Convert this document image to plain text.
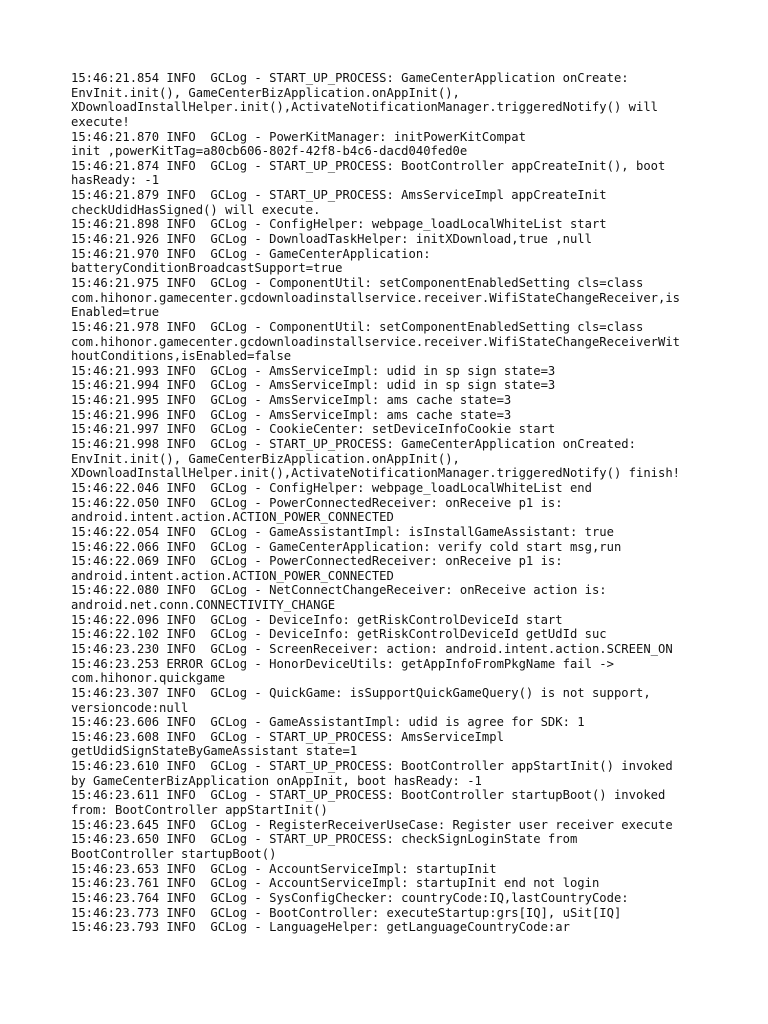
15:46:21.854 INFO  GCLog - START_UP_PROCESS: GameCenterApplication onCreate:
EnvInit.init(), GameCenterBizApplication.onAppInit(),
XDownloadInstallHelper.init(),ActivateNotificationManager.triggeredNotify() will
execute!
15:46:21.870 INFO  GCLog - PowerKitManager: initPowerKitCompat
init ,powerKitTag=a80cb606-802f-42f8-b4c6-dacd040fed0e
15:46:21.874 INFO  GCLog - START_UP_PROCESS: BootController appCreateInit(), boot
hasReady: -1
15:46:21.879 INFO  GCLog - START_UP_PROCESS: AmsServiceImpl appCreateInit
checkUdidHasSigned() will execute.
15:46:21.898 INFO  GCLog - ConfigHelper: webpage_loadLocalWhiteList start
15:46:21.926 INFO  GCLog - DownloadTaskHelper: initXDownload,true ,null
15:46:21.970 INFO  GCLog - GameCenterApplication:
batteryConditionBroadcastSupport=true
15:46:21.975 INFO  GCLog - ComponentUtil: setComponentEnabledSetting cls=class
com.hihonor.gamecenter.gcdownloadinstallservice.receiver.WifiStateChangeReceiver,is
Enabled=true
15:46:21.978 INFO  GCLog - ComponentUtil: setComponentEnabledSetting cls=class
com.hihonor.gamecenter.gcdownloadinstallservice.receiver.WifiStateChangeReceiverWit
houtConditions,isEnabled=false
15:46:21.993 INFO  GCLog - AmsServiceImpl: udid in sp sign state=3
15:46:21.994 INFO  GCLog - AmsServiceImpl: udid in sp sign state=3
15:46:21.995 INFO  GCLog - AmsServiceImpl: ams cache state=3
15:46:21.996 INFO  GCLog - AmsServiceImpl: ams cache state=3
15:46:21.997 INFO  GCLog - CookieCenter: setDeviceInfoCookie start
15:46:21.998 INFO  GCLog - START_UP_PROCESS: GameCenterApplication onCreated:
EnvInit.init(), GameCenterBizApplication.onAppInit(),
XDownloadInstallHelper.init(),ActivateNotificationManager.triggeredNotify() finish!
15:46:22.046 INFO  GCLog - ConfigHelper: webpage_loadLocalWhiteList end
15:46:22.050 INFO  GCLog - PowerConnectedReceiver: onReceive p1 is:
android.intent.action.ACTION_POWER_CONNECTED
15:46:22.054 INFO  GCLog - GameAssistantImpl: isInstallGameAssistant: true
15:46:22.066 INFO  GCLog - GameCenterApplication: verify cold start msg,run
15:46:22.069 INFO  GCLog - PowerConnectedReceiver: onReceive p1 is:
android.intent.action.ACTION_POWER_CONNECTED
15:46:22.080 INFO  GCLog - NetConnectChangeReceiver: onReceive action is:
android.net.conn.CONNECTIVITY_CHANGE
15:46:22.096 INFO  GCLog - DeviceInfo: getRiskControlDeviceId start
15:46:22.102 INFO  GCLog - DeviceInfo: getRiskControlDeviceId getUdId suc
15:46:23.230 INFO  GCLog - ScreenReceiver: action: android.intent.action.SCREEN_ON
15:46:23.253 ERROR GCLog - HonorDeviceUtils: getAppInfoFromPkgName fail ->
com.hihonor.quickgame
15:46:23.307 INFO  GCLog - QuickGame: isSupportQuickGameQuery() is not support,
versioncode:null
15:46:23.606 INFO  GCLog - GameAssistantImpl: udid is agree for SDK: 1
15:46:23.608 INFO  GCLog - START_UP_PROCESS: AmsServiceImpl
getUdidSignStateByGameAssistant state=1
15:46:23.610 INFO  GCLog - START_UP_PROCESS: BootController appStartInit() invoked
by GameCenterBizApplication onAppInit, boot hasReady: -1
15:46:23.611 INFO  GCLog - START_UP_PROCESS: BootController startupBoot() invoked
from: BootController appStartInit()
15:46:23.645 INFO  GCLog - RegisterReceiverUseCase: Register user receiver execute
15:46:23.650 INFO  GCLog - START_UP_PROCESS: checkSignLoginState from
BootController startupBoot()
15:46:23.653 INFO  GCLog - AccountServiceImpl: startupInit
15:46:23.761 INFO  GCLog - AccountServiceImpl: startupInit end not login
15:46:23.764 INFO  GCLog - SysConfigChecker: countryCode:IQ,lastCountryCode:
15:46:23.773 INFO  GCLog - BootController: executeStartup:grs[IQ], uSit[IQ]
15:46:23.793 INFO  GCLog - LanguageHelper: getLanguageCountryCode:ar
